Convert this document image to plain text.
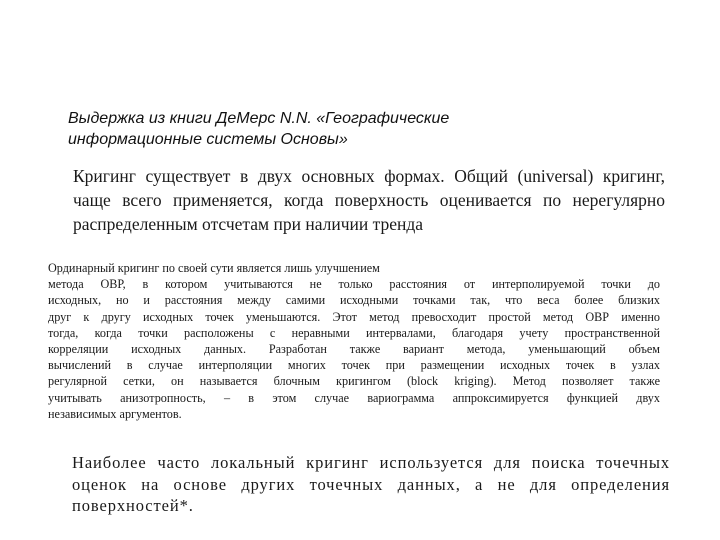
Выдержка из книги ДеМерс N.N. «Географические
информационные системы Основы»

Кригинг существует в двух основных формах. Общий (universal) кригинг,
чаще всего применяется, когда поверхность оценивается по нерегулярно
распределенным отсчетам при наличии тренда

Ординарный кригинг по своей сути является лишь улучшением
метода ОВР, в котором учитываются не только расстояния от интерполируемой точки до
исходных, но и расстояния между самими исходными точками так, что веса более близких
друг к другу исходных точек уменьшаются. Этот метод превосходит простой метод ОВР именно
тогда, когда точки расположены с неравными интервалами, благодаря учету пространственной
корреляции исходных данных. Разработан также вариант метода, уменьшающий объем
вычислений в случае интерполяции многих точек при размещении исходных точек в узлах
регулярной сетки, он называется блочным кригингом (block kriging). Метод позволяет также
учитывать анизотропность, – в этом случае вариограмма аппроксимируется функцией двух
независимых аргументов.

Наиболее часто локальный кригинг используется для поиска точечных
оценок на основе других точечных данных, а не для определения
поверхностей*.
